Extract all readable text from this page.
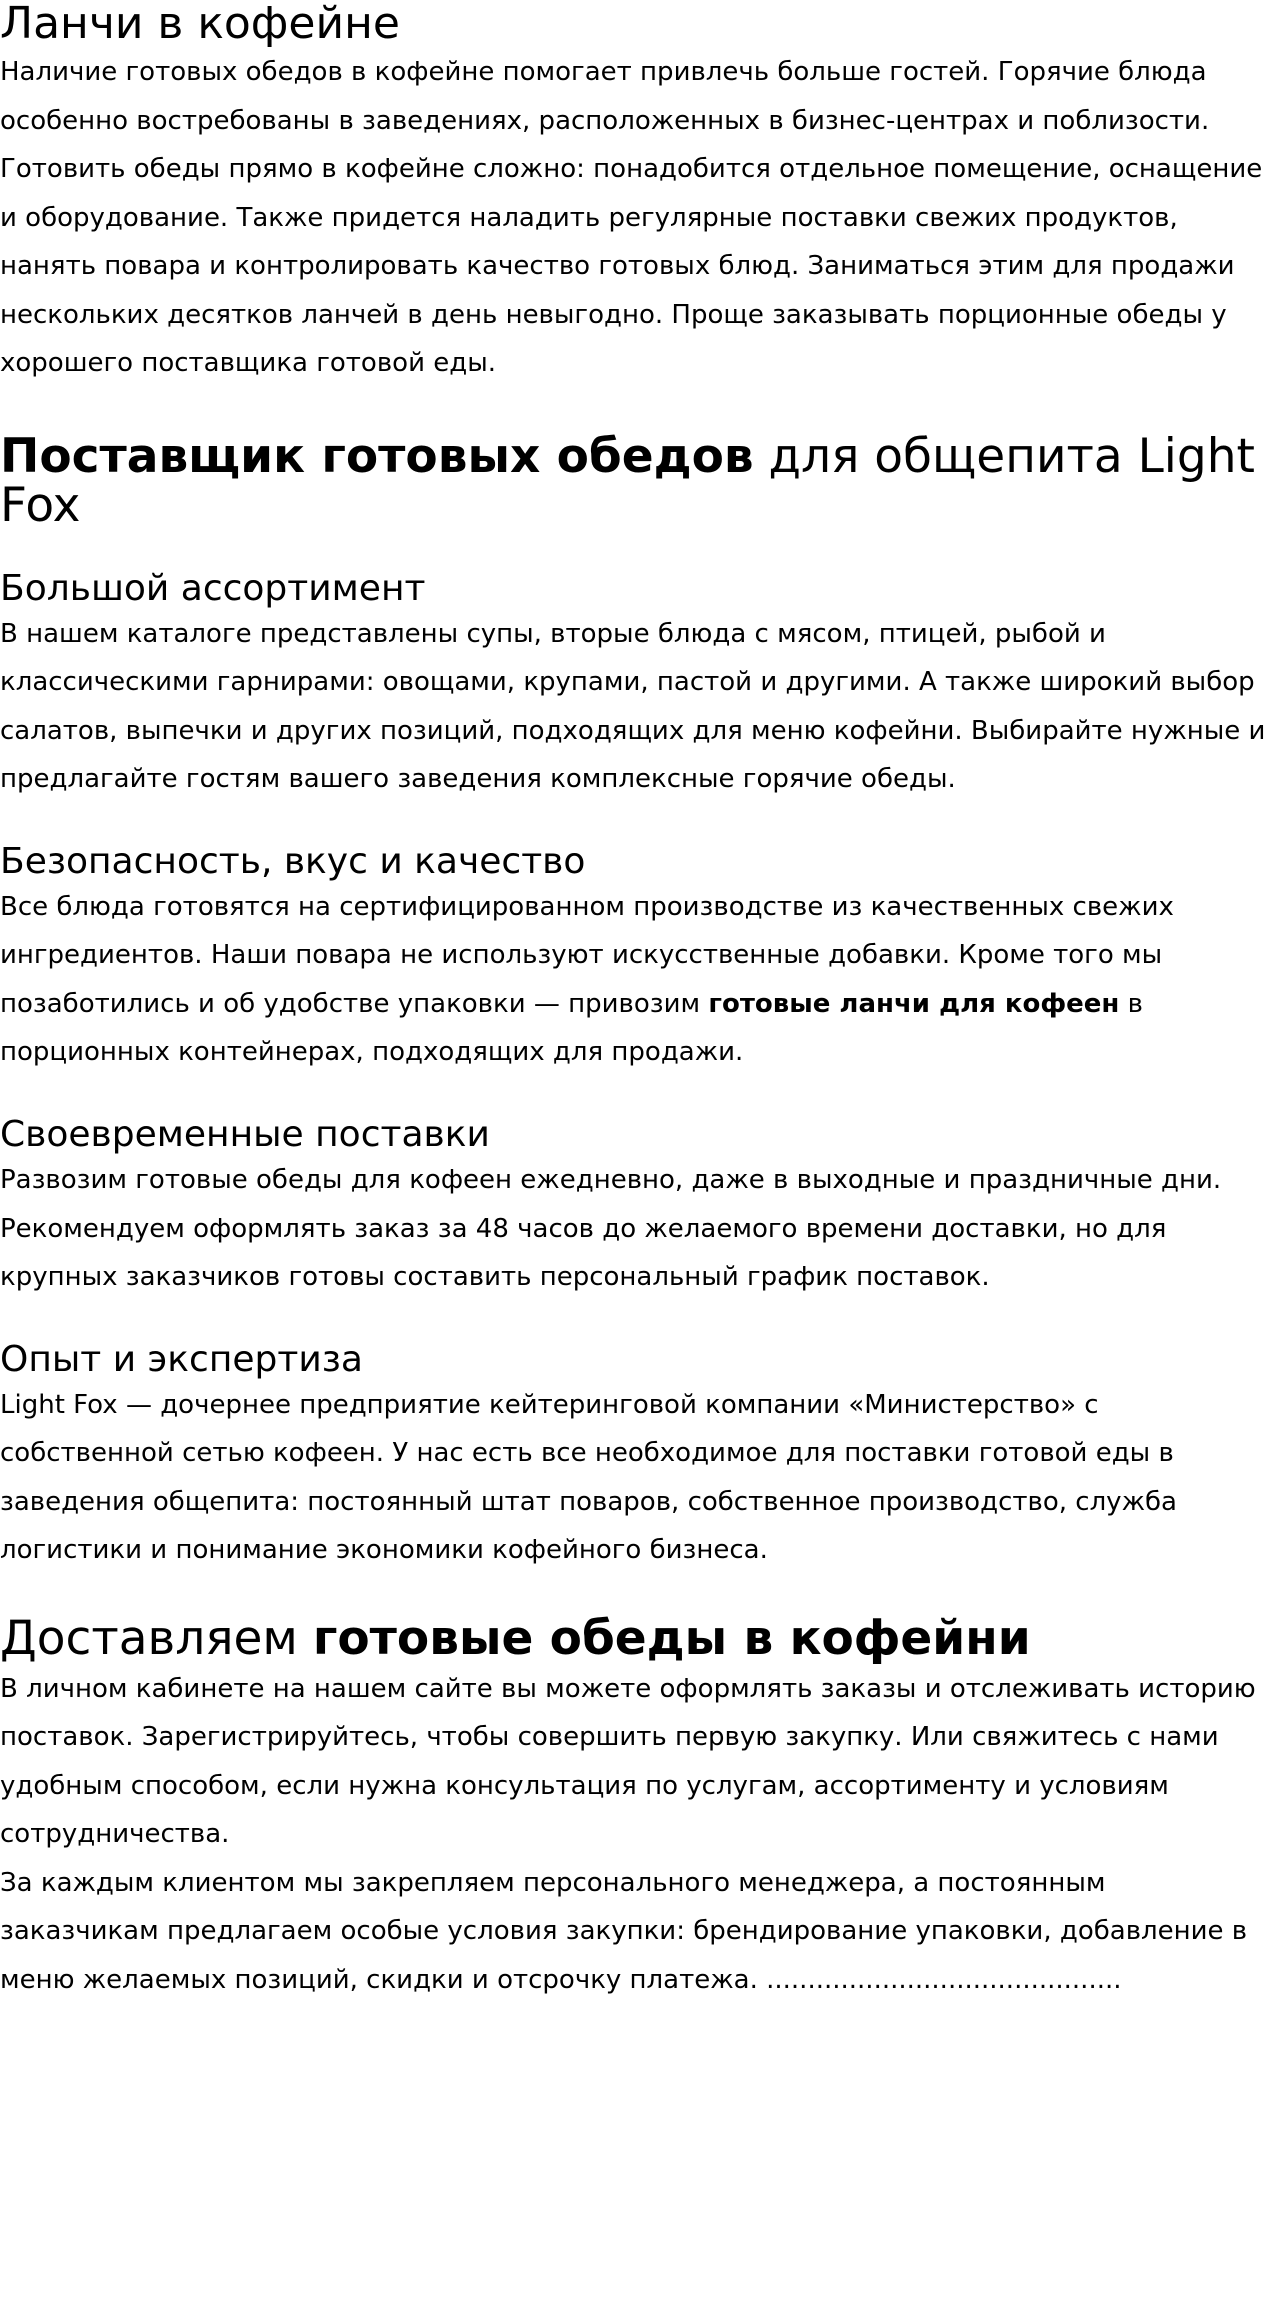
Ланчи в кофейне

Наличие готовых обедов в кофейне помогает привлечь больше гостей. Горячие блюда особенно востребованы в заведениях, расположенных в бизнес-центрах и поблизости.

Готовить обеды прямо в кофейне сложно: понадобится отдельное помещение, оснащение и оборудование. Также придется наладить регулярные поставки свежих продуктов, нанять повара и контролировать качество готовых блюд. Заниматься этим для продажи нескольких десятков ланчей в день невыгодно. Проще заказывать порционные обеды у хорошего поставщика готовой еды.

Поставщик готовых обедов для общепита Light Fox
Большой ассортимент

В нашем каталоге представлены супы, вторые блюда с мясом, птицей, рыбой и классическими гарнирами: овощами, крупами, пастой и другими. А также широкий выбор салатов, выпечки и других позиций, подходящих для меню кофейни. Выбирайте нужные и предлагайте гостям вашего заведения комплексные горячие обеды.

Безопасность, вкус и качество

Все блюда готовятся на сертифицированном производстве из качественных свежих ингредиентов. Наши повара не используют искусственные добавки. Кроме того мы позаботились и об удобстве упаковки — привозим готовые ланчи для кофеен в порционных контейнерах, подходящих для продажи.

Своевременные поставки

Развозим готовые обеды для кофеен ежедневно, даже в выходные и праздничные дни. Рекомендуем оформлять заказ за 48 часов до желаемого времени доставки, но для крупных заказчиков готовы составить персональный график поставок.

Опыт и экспертиза

Light Fox — дочернее предприятие кейтеринговой компании «Министерство» с собственной сетью кофеен. У нас есть все необходимое для поставки готовой еды в заведения общепита: постоянный штат поваров, собственное производство, служба логистики и понимание экономики кофейного бизнеса.

Доставляем готовые обеды в кофейни

В личном кабинете на нашем сайте вы можете оформлять заказы и отслеживать историю поставок. Зарегистрируйтесь, чтобы совершить первую закупку. Или свяжитесь с нами удобным способом, если нужна консультация по услугам, ассортименту и условиям сотрудничества.

За каждым клиентом мы закрепляем персонального менеджера, а постоянным заказчикам предлагаем особые условия закупки: брендирование упаковки, добавление в меню желаемых позиций, скидки и отсрочку платежа. ...........................................
